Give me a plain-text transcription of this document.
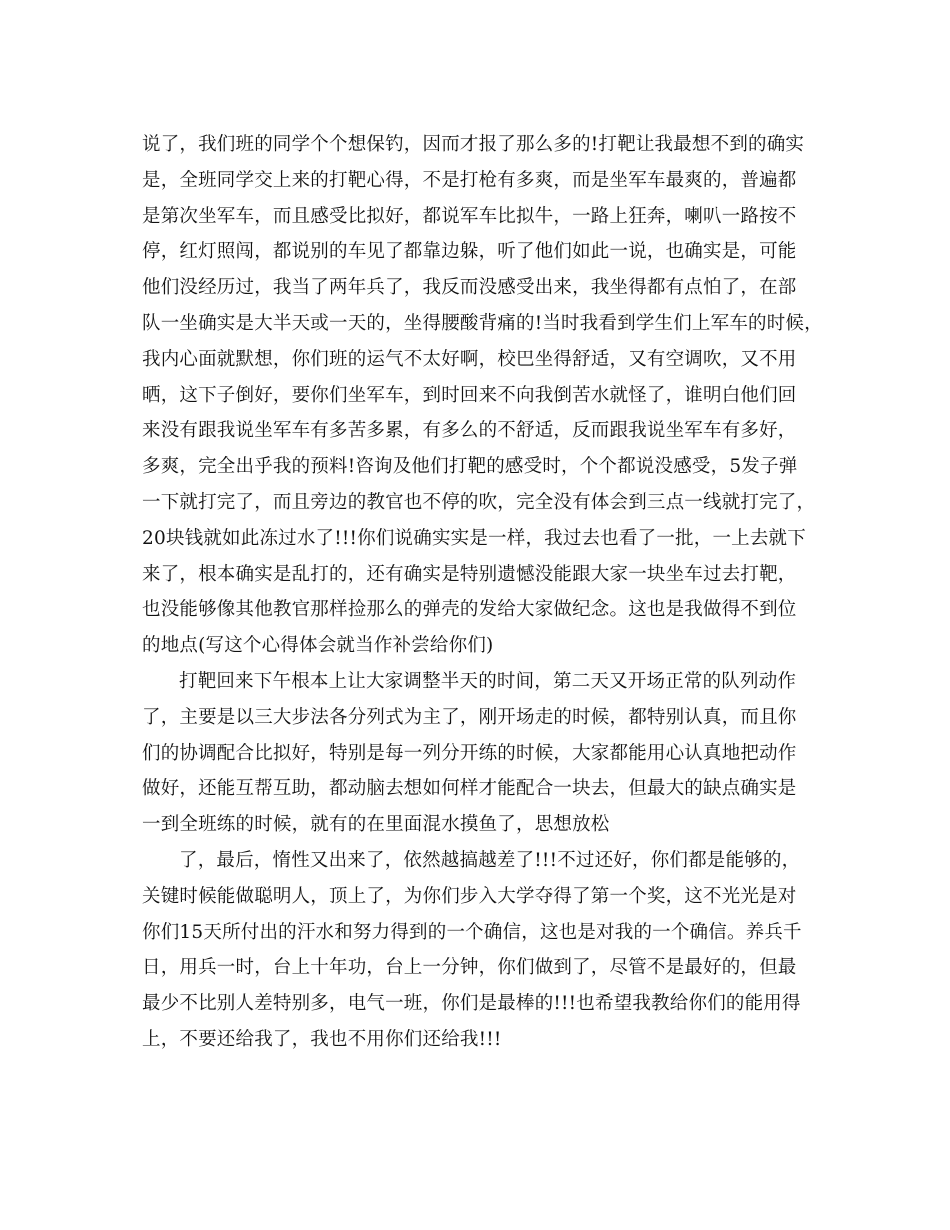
说了，我们班的同学个个想保钓，因而才报了那么多的!打靶让我最想不到的确实
是，全班同学交上来的打靶心得，不是打枪有多爽，而是坐军车最爽的，普遍都
是第次坐军车，而且感受比拟好，都说军车比拟牛，一路上狂奔，喇叭一路按不
停，红灯照闯，都说别的车见了都靠边躲，听了他们如此一说，也确实是，可能
他们没经历过，我当了两年兵了，我反而没感受出来，我坐得都有点怕了，在部
队一坐确实是大半天或一天的，坐得腰酸背痛的!当时我看到学生们上军车的时候，
我内心面就默想，你们班的运气不太好啊，校巴坐得舒适，又有空调吹，又不用
晒，这下子倒好，要你们坐军车，到时回来不向我倒苦水就怪了，谁明白他们回
来没有跟我说坐军车有多苦多累，有多么的不舒适，反而跟我说坐军车有多好，
多爽，完全出乎我的预料!咨询及他们打靶的感受时，个个都说没感受，5发子弹
一下就打完了，而且旁边的教官也不停的吹，完全没有体会到三点一线就打完了，
20块钱就如此冻过水了!!!你们说确实实是一样，我过去也看了一批，一上去就下
来了，根本确实是乱打的，还有确实是特别遗憾没能跟大家一块坐车过去打靶，
也没能够像其他教官那样捡那么的弹壳的发给大家做纪念。这也是我做得不到位
的地点(写这个心得体会就当作补尝给你们)
打靶回来下午根本上让大家调整半天的时间，第二天又开场正常的队列动作
了，主要是以三大步法各分列式为主了，刚开场走的时候，都特别认真，而且你
们的协调配合比拟好，特别是每一列分开练的时候，大家都能用心认真地把动作
做好，还能互帮互助，都动脑去想如何样才能配合一块去，但最大的缺点确实是
一到全班练的时候，就有的在里面混水摸鱼了，思想放松
了，最后，惰性又出来了，依然越搞越差了!!!不过还好，你们都是能够的，
关键时候能做聪明人，顶上了，为你们步入大学夺得了第一个奖，这不光光是对
你们15天所付出的汗水和努力得到的一个确信，这也是对我的一个确信。养兵千
日，用兵一时，台上十年功，台上一分钟，你们做到了，尽管不是最好的，但最
最少不比别人差特别多，电气一班，你们是最棒的!!!也希望我教给你们的能用得
上，不要还给我了，我也不用你们还给我!!!
